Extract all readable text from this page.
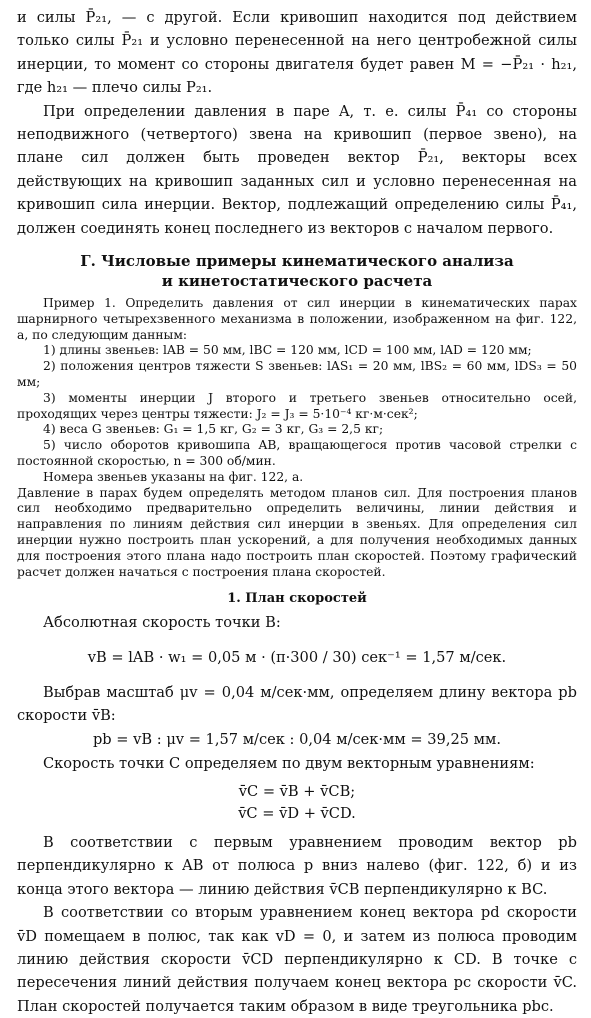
и силы P̄₂₁, — с другой. Если кривошип находится под действием только силы P̄₂₁ и условно перенесенной на него центробежной силы инерции, то момент со стороны двигателя будет равен M = −P̄₂₁ · h₂₁, где h₂₁ — плечо силы P₂₁.

При определении давления в паре A, т. е. силы P̄₄₁ со стороны неподвижного (четвертого) звена на кривошип (первое звено), на плане сил должен быть проведен вектор P̄₂₁, векторы всех действующих на кривошип заданных сил и условно перенесенная на кривошип сила инерции. Вектор, подлежащий определению силы P̄₄₁, должен соединять конец последнего из векторов с началом первого.

Г. Числовые примеры кинематического анализа
и кинетостатического расчета

Пример 1. Определить давления от сил инерции в кинематических парах шарнирного четырехзвенного механизма в положении, изображенном на фиг. 122, а, по следующим данным:

1) длины звеньев: lAB = 50 мм, lBC = 120 мм, lCD = 100 мм, lAD = 120 мм;

2) положения центров тяжести S звеньев: lAS₁ = 20 мм, lBS₂ = 60 мм, lDS₃ = 50 мм;

3) моменты инерции J второго и третьего звеньев относительно осей, проходящих через центры тяжести: J₂ = J₃ = 5·10⁻⁴ кг·м·сек²;

4) веса G звеньев: G₁ = 1,5 кг, G₂ = 3 кг, G₃ = 2,5 кг;

5) число оборотов кривошипа AB, вращающегося против часовой стрелки с постоянной скоростью, n = 300 об/мин.

Номера звеньев указаны на фиг. 122, а.

Давление в парах будем определять методом планов сил. Для построения планов сил необходимо предварительно определить величины, линии действия и направления по линиям действия сил инерции в звеньях. Для определения сил инерции нужно построить план ускорений, а для получения необходимых данных для построения этого плана надо построить план скоростей. Поэтому графический расчет должен начаться с построения плана скоростей.

1. План скоростей

Абсолютная скорость точки B:

vB = lAB · w₁ = 0,05 м · (π·300 / 30) сек⁻¹ = 1,57 м/сек.

Выбрав масштаб μv = 0,04 м/сек·мм, определяем длину вектора pb скорости v̄B:

pb = vB : μv = 1,57 м/сек : 0,04 м/сек·мм = 39,25 мм.

Скорость точки C определяем по двум векторным уравнениям:

v̄C = v̄B + v̄CB;
v̄C = v̄D + v̄CD.

В соответствии с первым уравнением проводим вектор pb перпендикулярно к AB от полюса p вниз налево (фиг. 122, б) и из конца этого вектора — линию действия v̄CB перпендикулярно к BC.

В соответствии со вторым уравнением конец вектора pd скорости v̄D помещаем в полюс, так как vD = 0, и затем из полюса проводим линию действия скорости v̄CD перпендикулярно к CD. В точке c пересечения линий действия получаем конец вектора pc скорости v̄C. План скоростей получается таким образом в виде треугольника pbc.
